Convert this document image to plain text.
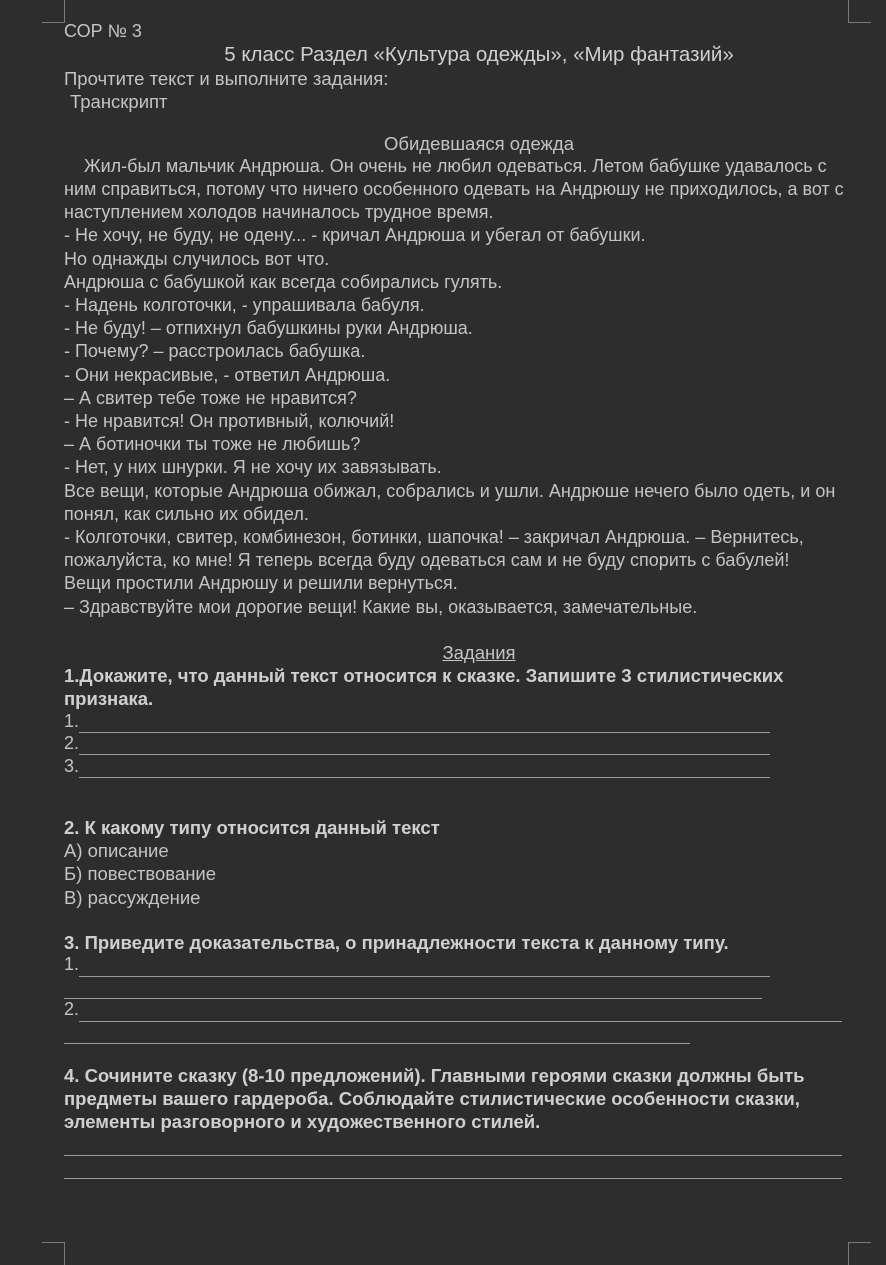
СОР № 3
5 класс Раздел «Культура одежды», «Мир фантазий»
Прочтите текст и выполните задания:
Транскрипт
Обидевшаяся одежда

Жил-был мальчик Андрюша. Он очень не любил одеваться. Летом бабушке удавалось с ним справиться, потому что ничего особенного одевать на Андрюшу не приходилось, а вот с наступлением холодов начиналось трудное время.

- Не хочу, не буду, не одену... - кричал Андрюша и убегал от бабушки.

Но однажды случилось вот что.

Андрюша с бабушкой как всегда собирались гулять.

- Надень колготочки, - упрашивала бабуля.

- Не буду! – отпихнул бабушкины руки Андрюша.

- Почему? – расстроилась бабушка.

- Они некрасивые, - ответил Андрюша.

– А свитер тебе тоже не нравится?

- Не нравится! Он противный, колючий!

– А ботиночки ты тоже не любишь?

- Нет, у них шнурки. Я не хочу их завязывать.

Все вещи, которые Андрюша обижал, собрались и ушли. Андрюше нечего было одеть, и он понял, как сильно их обидел.

- Колготочки, свитер, комбинезон, ботинки, шапочка! – закричал Андрюша. – Вернитесь, пожалуйста, ко мне! Я теперь всегда буду одеваться сам и не буду спорить с бабулей!

Вещи простили Андрюшу и решили вернуться.

– Здравствуйте мои дорогие вещи! Какие вы, оказывается, замечательные.

Задания
1.Докажите, что данный текст относится к сказке. Запишите 3 стилистических признака.
1.
2.
3.
2. К какому типу относится данный текст
А) описание
Б) повествование
В) рассуждение
3. Приведите доказательства, о принадлежности текста к данному типу.
1.
2.
4. Сочините сказку (8-10 предложений). Главными героями сказки должны быть предметы вашего гардероба. Соблюдайте стилистические особенности сказки, элементы разговорного и художественного стилей.
